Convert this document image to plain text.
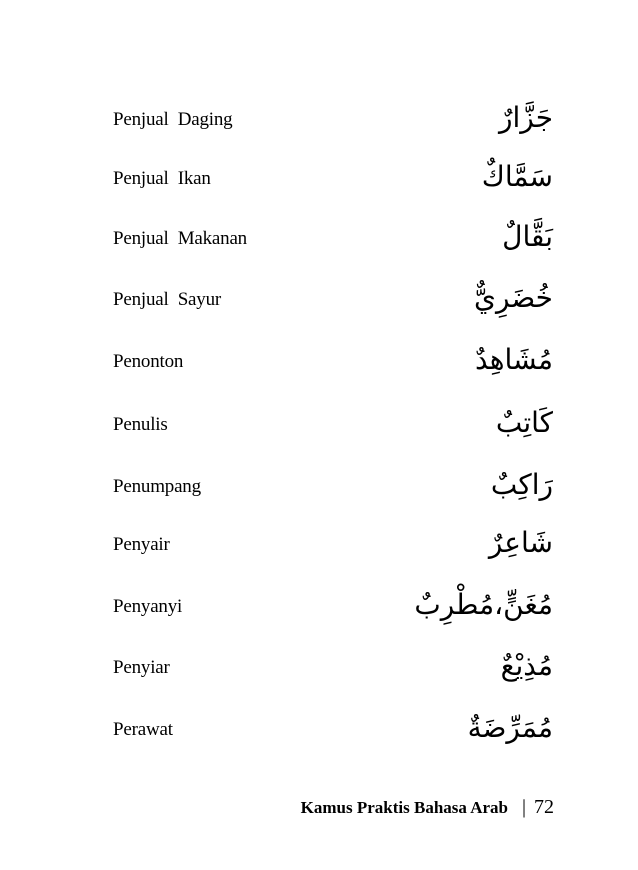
Penjual  Daging	جَزَّارٌ
Penjual  Ikan	سَمَّاكٌ
Penjual  Makanan	بَقَّالٌ
Penjual  Sayur	خُضَرِيٌّ
Penonton	مُشَاهِدٌ
Penulis	كَاتِبٌ
Penumpang	رَاكِبٌ
Penyair	شَاعِرٌ
Penyanyi	مُغَنٍّ،مُطْرِبٌ
Penyiar	مُذِيْعٌ
Perawat	مُمَرِّضَةٌ
Kamus Praktis Bahasa Arab | 72
